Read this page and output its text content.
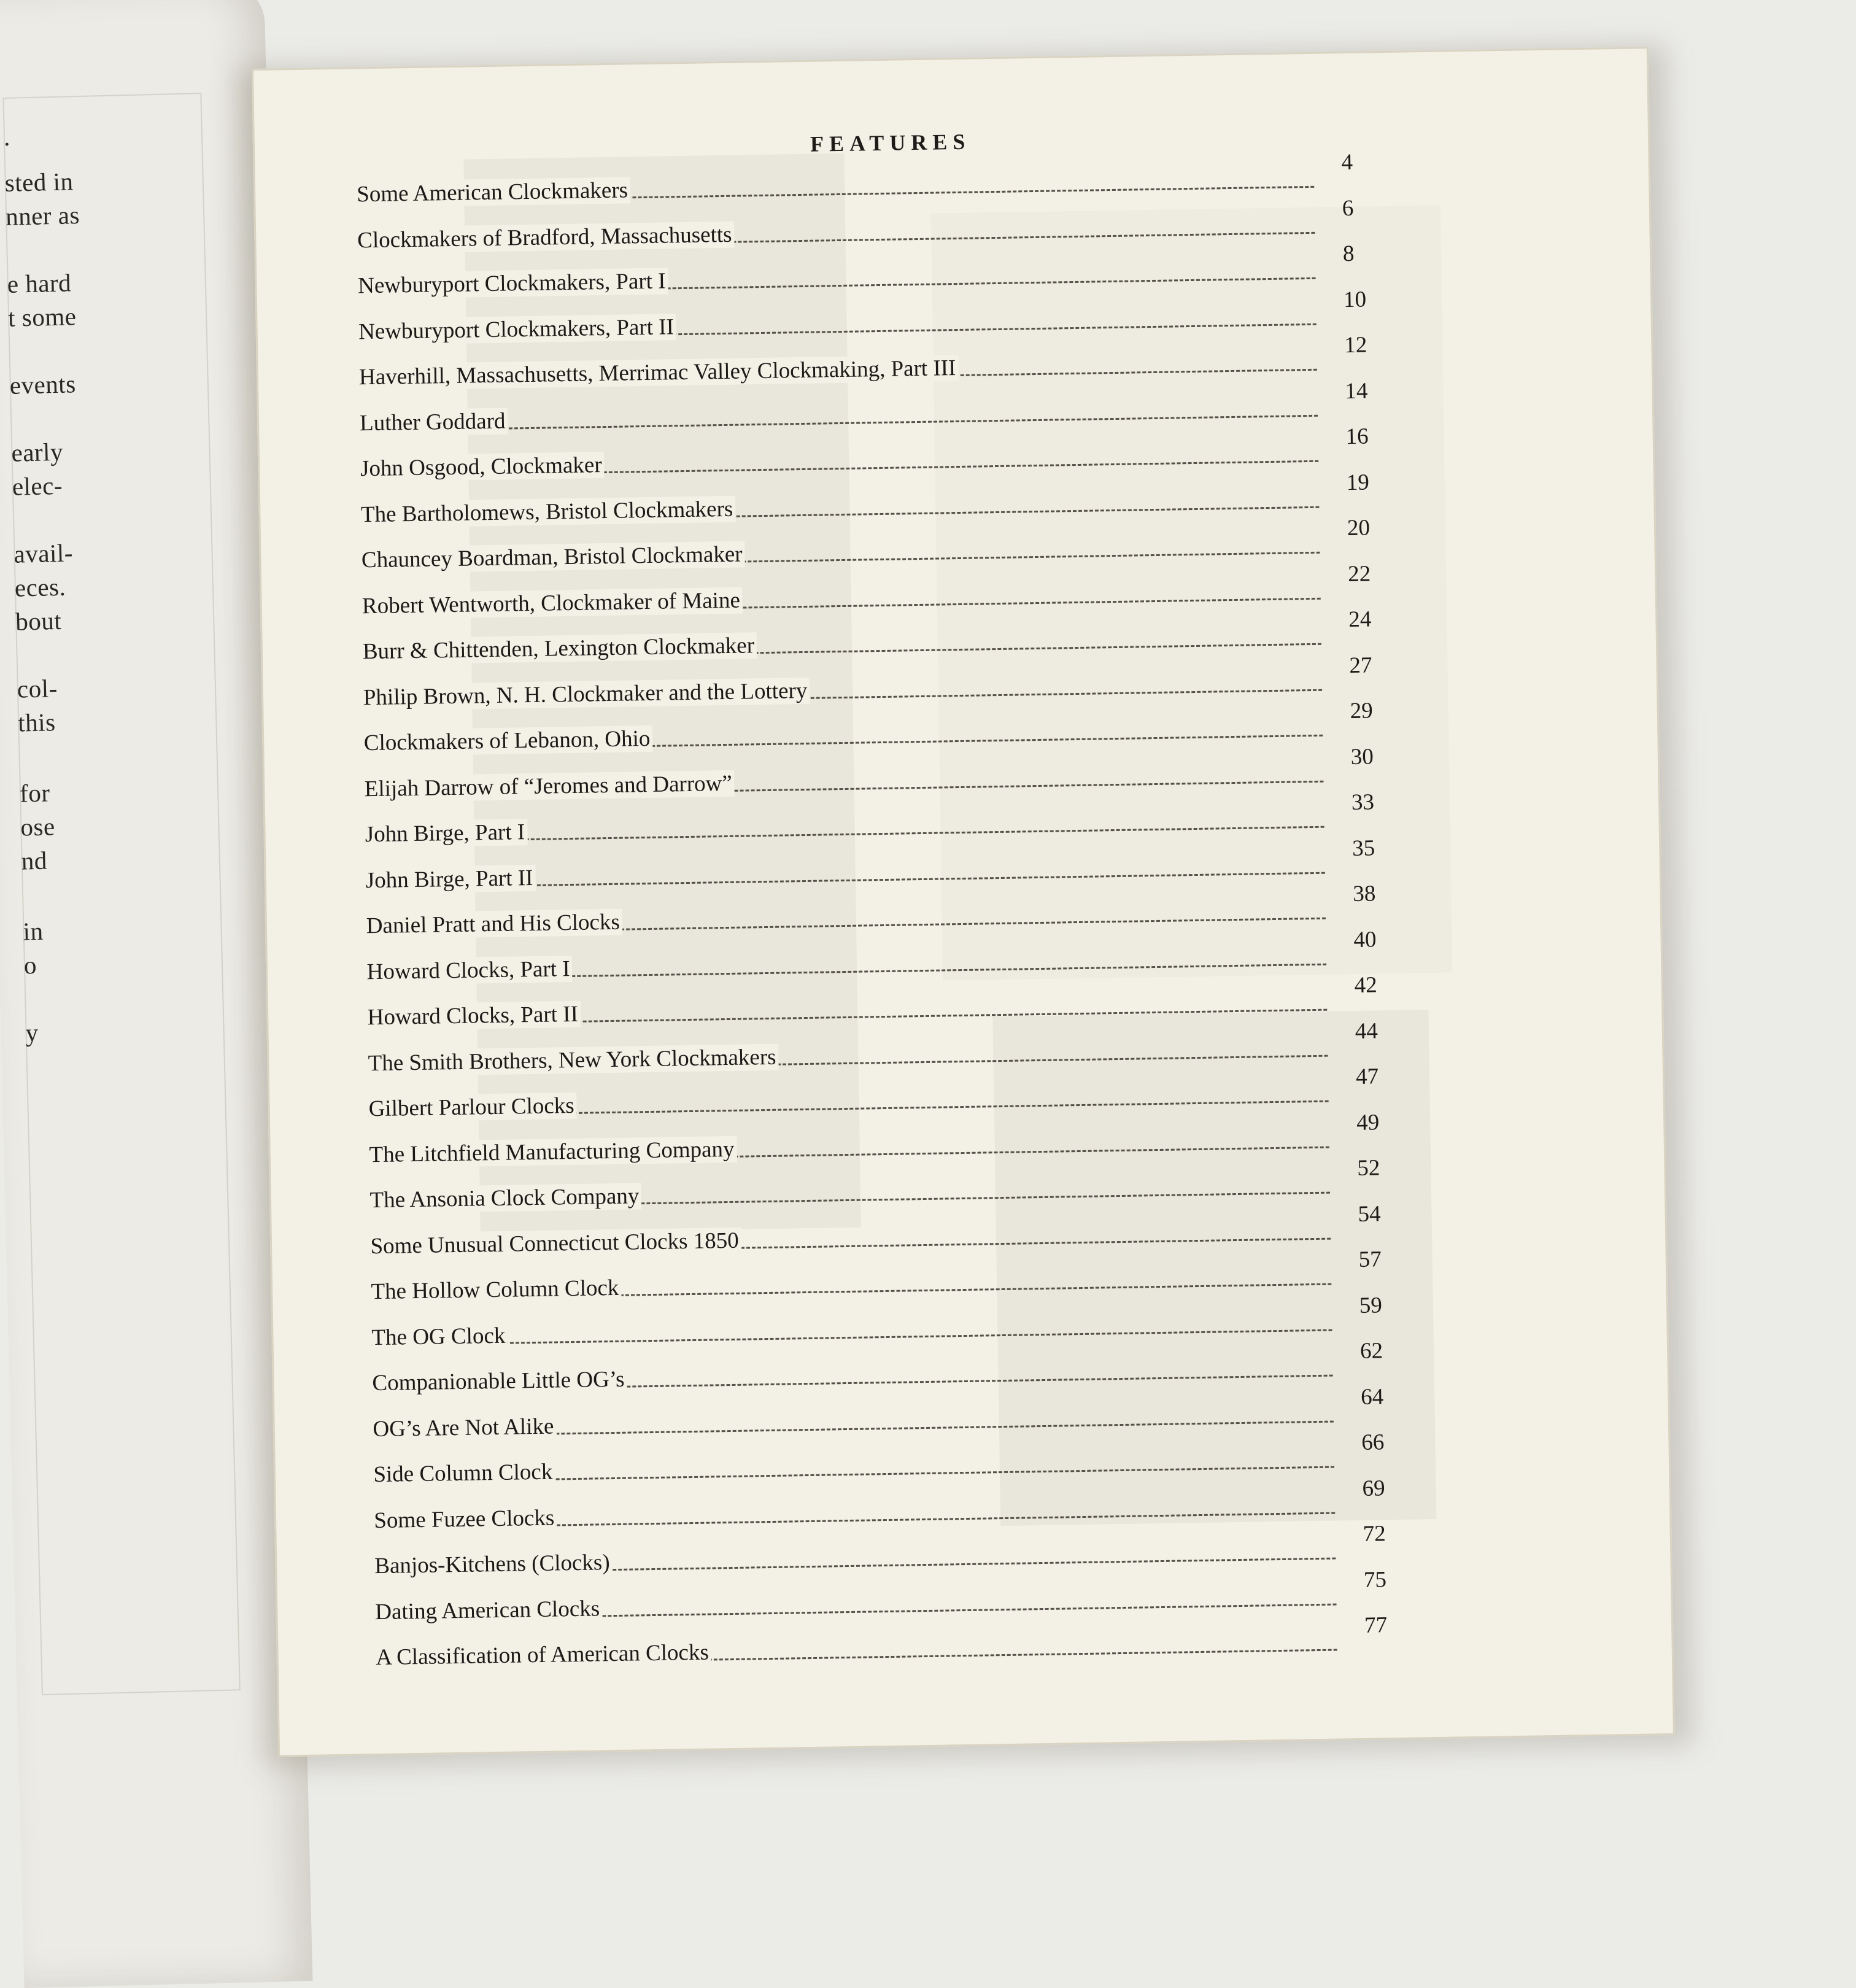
.
sted in
nner as
e hard
t some
events
early
elec-
avail-
eces.
bout
col-
this
for
ose
nd
in
o
y
FEATURES
Some American Clockmakers
4
Clockmakers of Bradford, Massachusetts
6
Newburyport Clockmakers, Part I
8
Newburyport Clockmakers, Part II
10
Haverhill, Massachusetts, Merrimac Valley Clockmaking, Part III
12
Luther Goddard
14
John Osgood, Clockmaker
16
The Bartholomews, Bristol Clockmakers
19
Chauncey Boardman, Bristol Clockmaker
20
Robert Wentworth, Clockmaker of Maine
22
Burr & Chittenden, Lexington Clockmaker
24
Philip Brown, N. H. Clockmaker and the Lottery
27
Clockmakers of Lebanon, Ohio
29
Elijah Darrow of “Jeromes and Darrow”
30
John Birge, Part I
33
John Birge, Part II
35
Daniel Pratt and His Clocks
38
Howard Clocks, Part I
40
Howard Clocks, Part II
42
The Smith Brothers, New York Clockmakers
44
Gilbert Parlour Clocks
47
The Litchfield Manufacturing Company
49
The Ansonia Clock Company
52
Some Unusual Connecticut Clocks 1850
54
The Hollow Column Clock
57
The OG Clock
59
Companionable Little OG’s
62
OG’s Are Not Alike
64
Side Column Clock
66
Some Fuzee Clocks
69
Banjos-Kitchens (Clocks)
72
Dating American Clocks
75
A Classification of American Clocks
77
